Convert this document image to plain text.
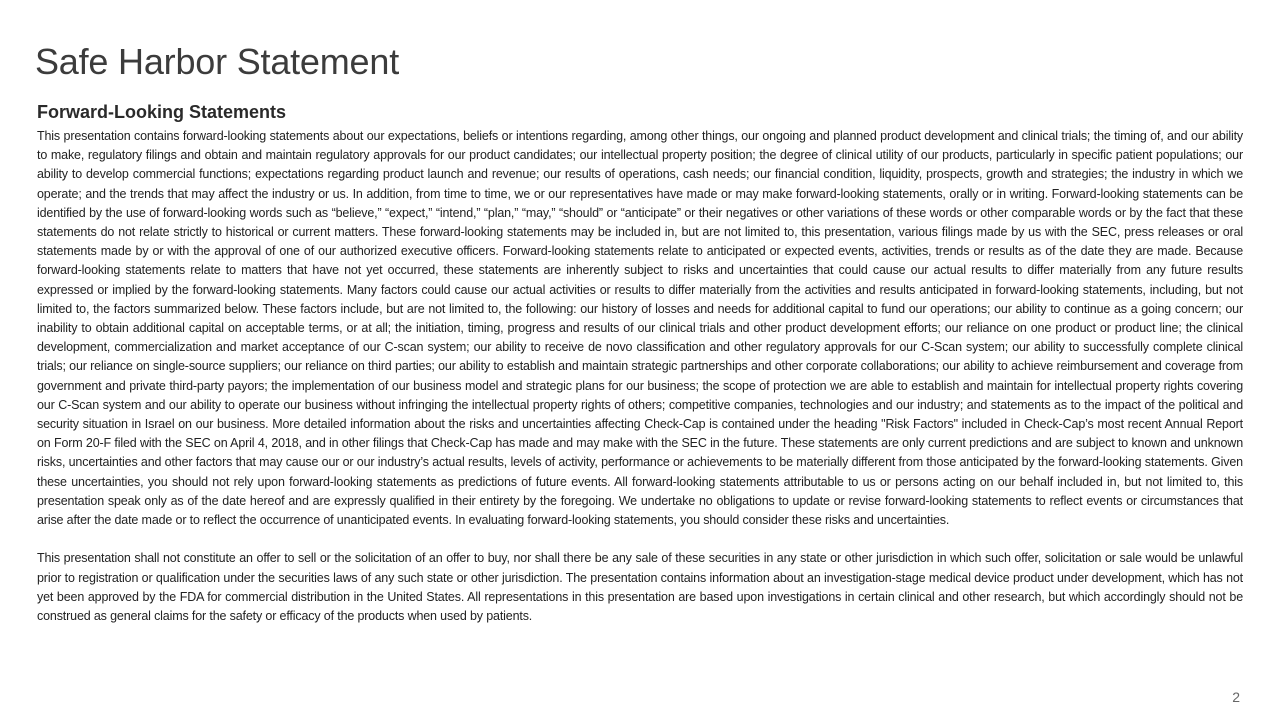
Safe Harbor Statement
Forward-Looking Statements

This presentation contains forward-looking statements about our expectations, beliefs or intentions regarding, among other things, our ongoing and planned product development and clinical trials; the timing of, and our ability to make, regulatory filings and obtain and maintain regulatory approvals for our product candidates; our intellectual property position; the degree of clinical utility of our products, particularly in specific patient populations; our ability to develop commercial functions; expectations regarding product launch and revenue; our results of operations, cash needs; our financial condition, liquidity, prospects, growth and strategies; the industry in which we operate; and the trends that may affect the industry or us. In addition, from time to time, we or our representatives have made or may make forward-looking statements, orally or in writing. Forward-looking statements can be identified by the use of forward-looking words such as “believe,” “expect,” “intend,” “plan,” “may,” “should” or “anticipate” or their negatives or other variations of these words or other comparable words or by the fact that these statements do not relate strictly to historical or current matters. These forward-looking statements may be included in, but are not limited to, this presentation, various filings made by us with the SEC, press releases or oral statements made by or with the approval of one of our authorized executive officers. Forward-looking statements relate to anticipated or expected events, activities, trends or results as of the date they are made. Because forward-looking statements relate to matters that have not yet occurred, these statements are inherently subject to risks and uncertainties that could cause our actual results to differ materially from any future results expressed or implied by the forward-looking statements. Many factors could cause our actual activities or results to differ materially from the activities and results anticipated in forward-looking statements, including, but not limited to, the factors summarized below. These factors include, but are not limited to, the following: our history of losses and needs for additional capital to fund our operations; our ability to continue as a going concern; our inability to obtain additional capital on acceptable terms, or at all; the initiation, timing, progress and results of our clinical trials and other product development efforts; our reliance on one product or product line; the clinical development, commercialization and market acceptance of our C-scan system; our ability to receive de novo classification and other regulatory approvals for our C-Scan system; our ability to successfully complete clinical trials; our reliance on single-source suppliers; our reliance on third parties; our ability to establish and maintain strategic partnerships and other corporate collaborations; our ability to achieve reimbursement and coverage from government and private third-party payors; the implementation of our business model and strategic plans for our business; the scope of protection we are able to establish and maintain for intellectual property rights covering our C-Scan system and our ability to operate our business without infringing the intellectual property rights of others; competitive companies, technologies and our industry; and statements as to the impact of the political and security situation in Israel on our business. More detailed information about the risks and uncertainties affecting Check-Cap is contained under the heading "Risk Factors" included in Check-Cap’s most recent Annual Report on Form 20-F filed with the SEC on April 4, 2018, and in other filings that Check-Cap has made and may make with the SEC in the future. These statements are only current predictions and are subject to known and unknown risks, uncertainties and other factors that may cause our or our industry’s actual results, levels of activity, performance or achievements to be materially different from those anticipated by the forward-looking statements. Given these uncertainties, you should not rely upon forward-looking statements as predictions of future events. All forward-looking statements attributable to us or persons acting on our behalf included in, but not limited to, this presentation speak only as of the date hereof and are expressly qualified in their entirety by the foregoing. We undertake no obligations to update or revise forward-looking statements to reflect events or circumstances that arise after the date made or to reflect the occurrence of unanticipated events. In evaluating forward-looking statements, you should consider these risks and uncertainties.

This presentation shall not constitute an offer to sell or the solicitation of an offer to buy, nor shall there be any sale of these securities in any state or other jurisdiction in which such offer, solicitation or sale would be unlawful prior to registration or qualification under the securities laws of any such state or other jurisdiction. The presentation contains information about an investigation-stage medical device product under development, which has not yet been approved by the FDA for commercial distribution in the United States. All representations in this presentation are based upon investigations in certain clinical and other research, but which accordingly should not be construed as general claims for the safety or efficacy of the products when used by patients.

2
